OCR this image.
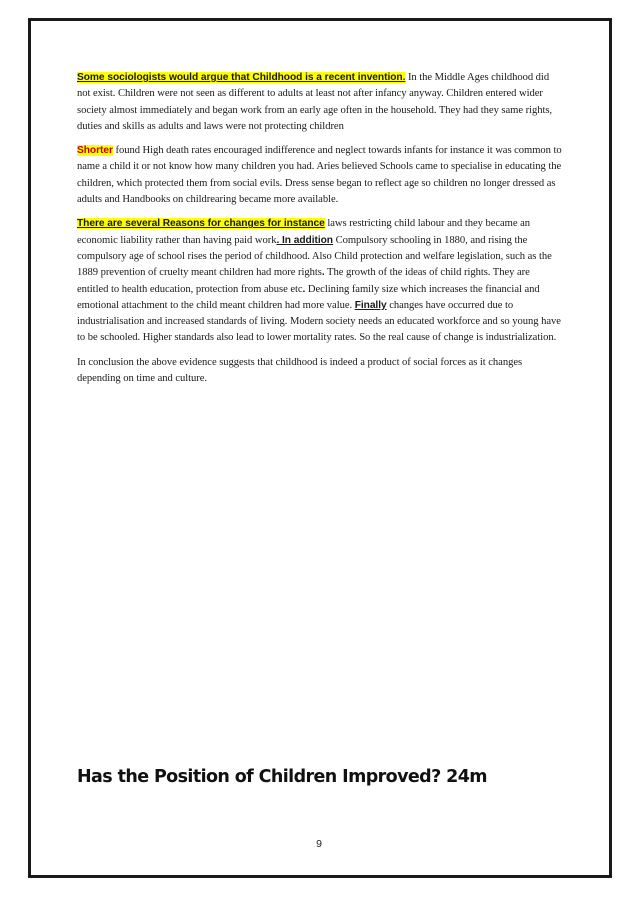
Some sociologists would argue that Childhood is a recent invention. In the Middle Ages childhood did not exist. Children were not seen as different to adults at least not after infancy anyway. Children entered wider society almost immediately and began work from an early age often in the household. They had they same rights, duties and skills as adults and laws were not protecting children

Shorter found High death rates encouraged indifference and neglect towards infants for instance it was common to name a child it or not know how many children you had. Aries believed Schools came to specialise in educating the children, which protected them from social evils. Dress sense began to reflect age so children no longer dressed as adults and Handbooks on childrearing became more available.

There are several Reasons for changes for instance laws restricting child labour and they became an economic liability rather than having paid work. In addition Compulsory schooling in 1880, and rising the compulsory age of school rises the period of childhood. Also Child protection and welfare legislation, such as the 1889 prevention of cruelty meant children had more rights. The growth of the ideas of child rights. They are entitled to health education, protection from abuse etc. Declining family size which increases the financial and emotional attachment to the child meant children had more value. Finally changes have occurred due to industrialisation and increased standards of living. Modern society needs an educated workforce and so young have to be schooled. Higher standards also lead to lower mortality rates. So the real cause of change is industrialization.

In conclusion the above evidence suggests that childhood is indeed a product of social forces as it changes depending on time and culture.

Has the Position of Children Improved? 24m
9
